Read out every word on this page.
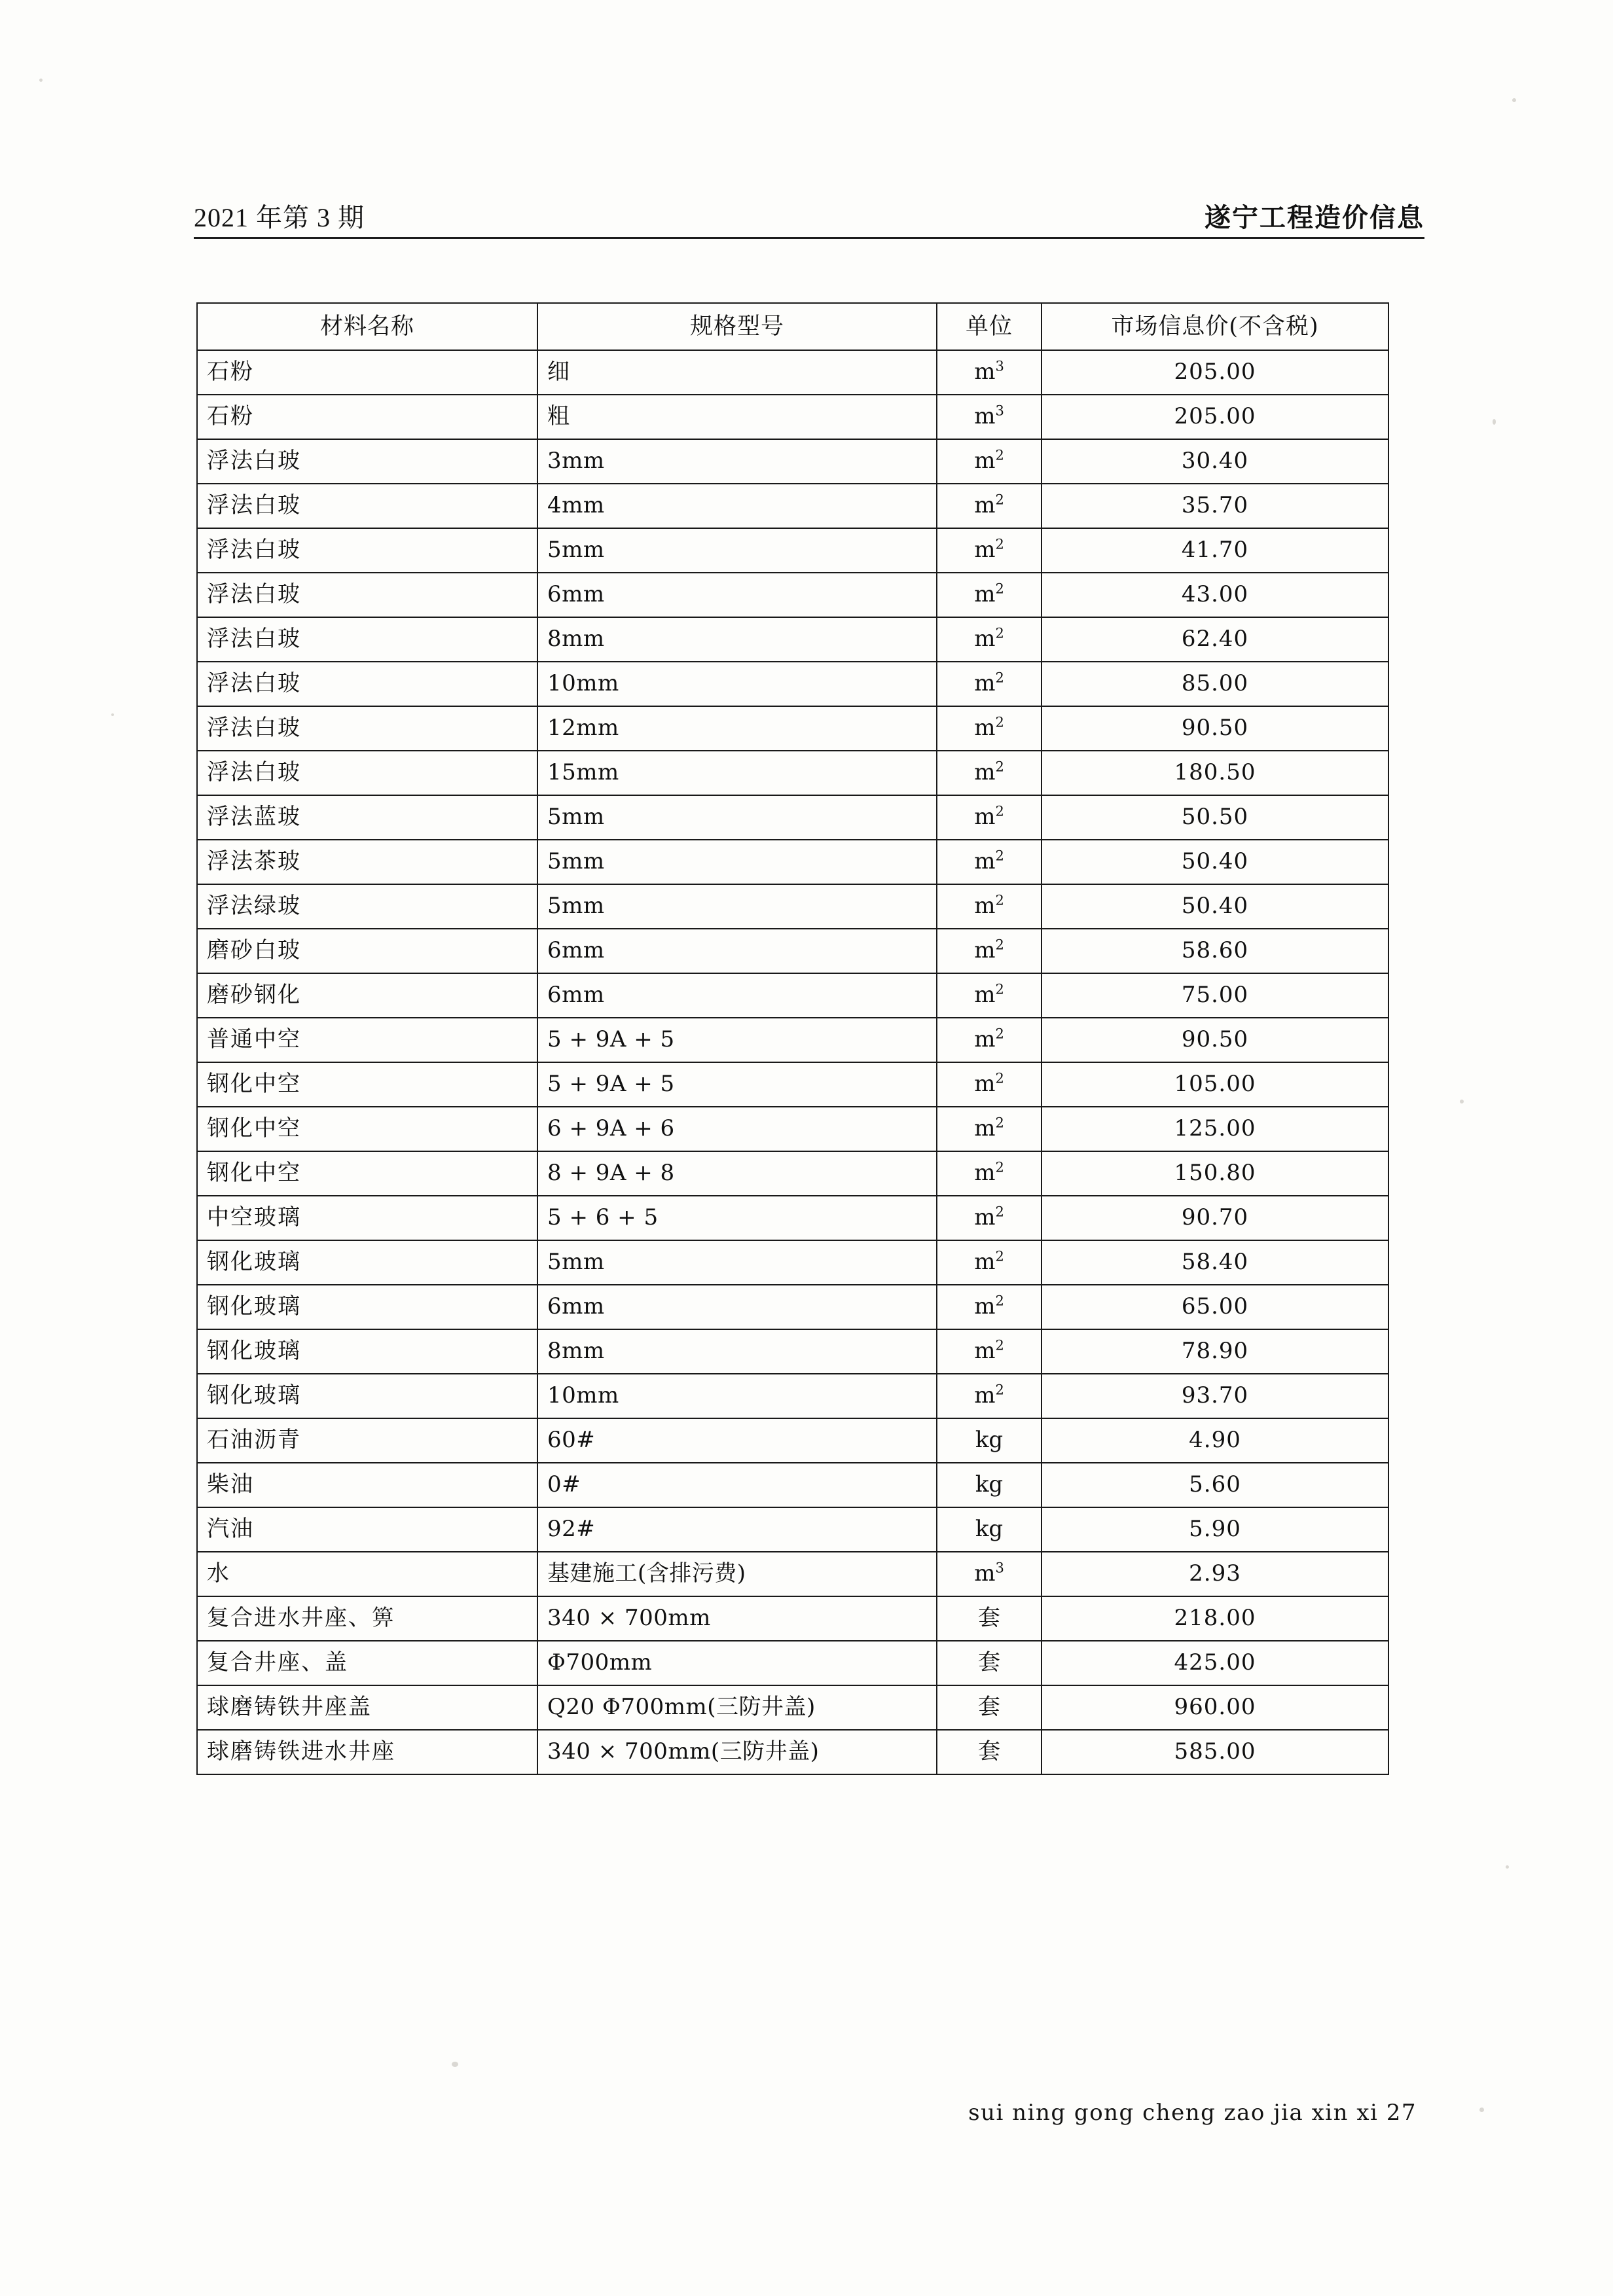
2021 年第 3 期	遂宁工程造价信息
材料名称	规格型号	单位	市场信息价(不含税)
石粉	细	$m^3$	205.00
石粉	粗	$m^3$	205.00
浮法白玻	3mm	$m^2$	30.40
浮法白玻	4mm	$m^2$	35.70
浮法白玻	5mm	$m^2$	41.70
浮法白玻	6mm	$m^2$	43.00
浮法白玻	8mm	$m^2$	62.40
浮法白玻	10mm	$m^2$	85.00
浮法白玻	12mm	$m^2$	90.50
浮法白玻	15mm	$m^2$	180.50
浮法蓝玻	5mm	$m^2$	50.50
浮法茶玻	5mm	$m^2$	50.40
浮法绿玻	5mm	$m^2$	50.40
磨砂白玻	6mm	$m^2$	58.60
磨砂钢化	6mm	$m^2$	75.00
普通中空	5 + 9A + 5	$m^2$	90.50
钢化中空	5 + 9A + 5	$m^2$	105.00
钢化中空	6 + 9A + 6	$m^2$	125.00
钢化中空	8 + 9A + 8	$m^2$	150.80
中空玻璃	5 + 6 + 5	$m^2$	90.70
钢化玻璃	5mm	$m^2$	58.40
钢化玻璃	6mm	$m^2$	65.00
钢化玻璃	8mm	$m^2$	78.90
钢化玻璃	10mm	$m^2$	93.70
石油沥青	60#	kg	4.90
柴油	0#	kg	5.60
汽油	92#	kg	5.90
水	基建施工(含排污费)	$m^3$	2.93
复合进水井座、箅	340 × 700mm	套	218.00
复合井座、盖	Φ700mm	套	425.00
球磨铸铁井座盖	Q20 Φ700mm(三防井盖)	套	960.00
球磨铸铁进水井座	340 × 700mm(三防井盖)	套	585.00
sui ning gong cheng zao jia xin xi 27
